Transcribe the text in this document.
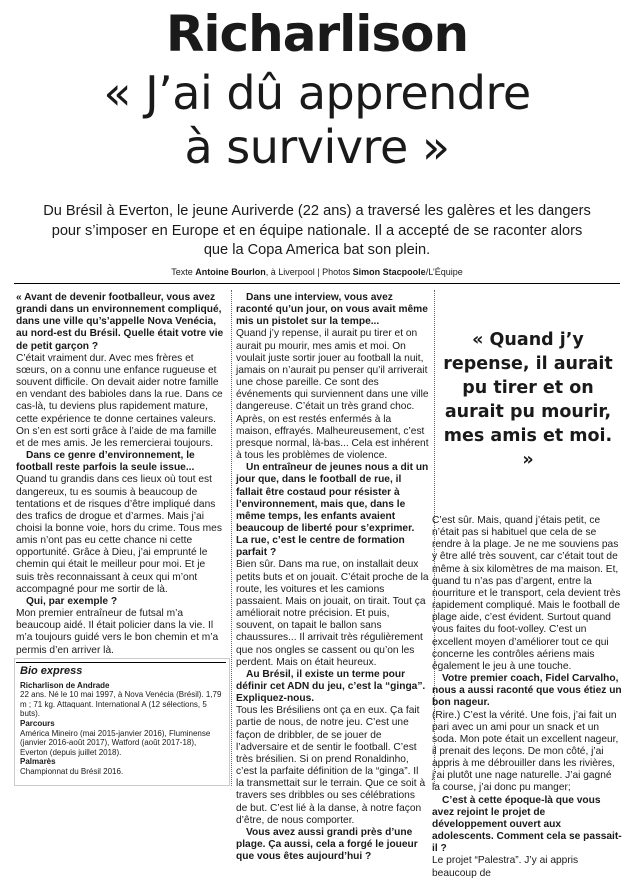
Richarlison
« J’ai dû apprendre
à survivre »
Du Brésil à Everton, le jeune Auriverde (22 ans) a traversé les galères et les dangers pour s’imposer en Europe et en équipe nationale. Il a accepté de se raconter alors que la Copa America bat son plein.
Texte Antoine Bourlon, à Liverpool | Photos Simon Stacpoole/L’Équipe

« Avant de devenir footballeur, vous avez grandi dans un environnement compliqué, dans une ville qu’s’appelle Nova Venécia, au nord-est du Brésil. Quelle était votre vie de petit garçon ?

C’était vraiment dur. Avec mes frères et sœurs, on a connu une enfance rugueuse et souvent difficile. On devait aider notre famille en vendant des babioles dans la rue. Dans ce cas-là, tu deviens plus rapidement mature, cette expérience te donne certaines valeurs. On s’en est sorti grâce à l’aide de ma famille et de mes amis. Je les remercierai toujours.

Dans ce genre d’environnement, le football reste parfois la seule issue...

Quand tu grandis dans ces lieux où tout est dangereux, tu es soumis à beaucoup de tentations et de risques d’être impliqué dans des trafics de drogue et d’armes. Mais j’ai choisi la bonne voie, hors du crime. Tous mes amis n’ont pas eu cette chance ni cette opportunité. Grâce à Dieu, j’ai emprunté le chemin qui était le meilleur pour moi. Et je suis très reconnaissant à ceux qui m’ont accompagné pour me sortir de là.

Qui, par exemple ?

Mon premier entraîneur de futsal m’a beaucoup aidé. Il était policier dans la vie. Il m’a toujours guidé vers le bon chemin et m’a permis d’en arriver là.

Dans une interview, vous avez raconté qu’un jour, on vous avait même mis un pistolet sur la tempe...

Quand j’y repense, il aurait pu tirer et on aurait pu mourir, mes amis et moi. On voulait juste sortir jouer au football la nuit, jamais on n’aurait pu penser qu’il arriverait une chose pareille. Ce sont des événements qui surviennent dans une ville dangereuse. C’était un très grand choc. Après, on est restés enfermés à la maison, effrayés. Malheureusement, c’est presque normal, là-bas... Cela est inhérent à tous les problèmes de violence.

Un entraîneur de jeunes nous a dit un jour que, dans le football de rue, il fallait être costaud pour résister à l’environnement, mais que, dans le même temps, les enfants avaient beaucoup de liberté pour s’exprimer. La rue, c’est le centre de formation parfait ?

Bien sûr. Dans ma rue, on installait deux petits buts et on jouait. C’était proche de la route, les voitures et les camions passaient. Mais on jouait, on tirait. Tout ça améliorait notre précision. Et puis, souvent, on tapait le ballon sans chaussures... Il arrivait très régulièrement que nos ongles se cassent ou qu’on les perdent. Mais on était heureux.

Au Brésil, il existe un terme pour définir cet ADN du jeu, c’est la “ginga”. Expliquez-nous.

Tous les Brésiliens ont ça en eux. Ça fait partie de nous, de notre jeu. C’est une façon de dribbler, de se jouer de l’adversaire et de sentir le football. C’est très brésilien. Si on prend Ronaldinho, c’est la parfaite définition de la “ginga”. Il la transmettait sur le terrain. Que ce soit à travers ses dribbles ou ses célébrations de but. C’est lié à la danse, à notre façon d’être, de nous comporter.

Vous avez aussi grandi près d’une plage. Ça aussi, cela a forgé le joueur que vous êtes aujourd’hui ?

« Quand j’y repense, il aurait pu tirer et on aurait pu mourir, mes amis et moi. »

C’est sûr. Mais, quand j’étais petit, ce n’était pas si habituel que cela de se rendre à la plage. Je ne me souviens pas y être allé très souvent, car c’était tout de même à six kilomètres de ma maison. Et, quand tu n’as pas d’argent, entre la nourriture et le transport, cela devient très rapidement compliqué. Mais le football de plage aide, c’est évident. Surtout quand vous faites du foot-volley. C’est un excellent moyen d’améliorer tout ce qui concerne les contrôles aériens mais également le jeu à une touche.

Votre premier coach, Fidel Carvalho, nous a aussi raconté que vous étiez un bon nageur.

(Rire.) C’est la vérité. Une fois, j’ai fait un pari avec un ami pour un snack et un soda. Mon pote était un excellent nageur, il prenait des leçons. De mon côté, j’ai appris à me débrouiller dans les rivières, j’ai plutôt une nage naturelle. J’ai gagné la course, j’ai donc pu manger;

C’est à cette époque-là que vous avez rejoint le projet de développement ouvert aux adolescents. Comment cela se passait-il ?

Le projet “Palestra”. J’y ai appris beaucoup de

Bio express
Richarlison de Andrade
22 ans. Né le 10 mai 1997, à Nova Venécia (Brésil). 1,79 m ; 71 kg. Attaquant. International A (12 sélections, 5 buts).
Parcours
América Mineiro (mai 2015-janvier 2016), Fluminense (janvier 2016-août 2017), Watford (août 2017-18), Everton (depuis juillet 2018).
Palmarès
Championnat du Brésil 2016.
